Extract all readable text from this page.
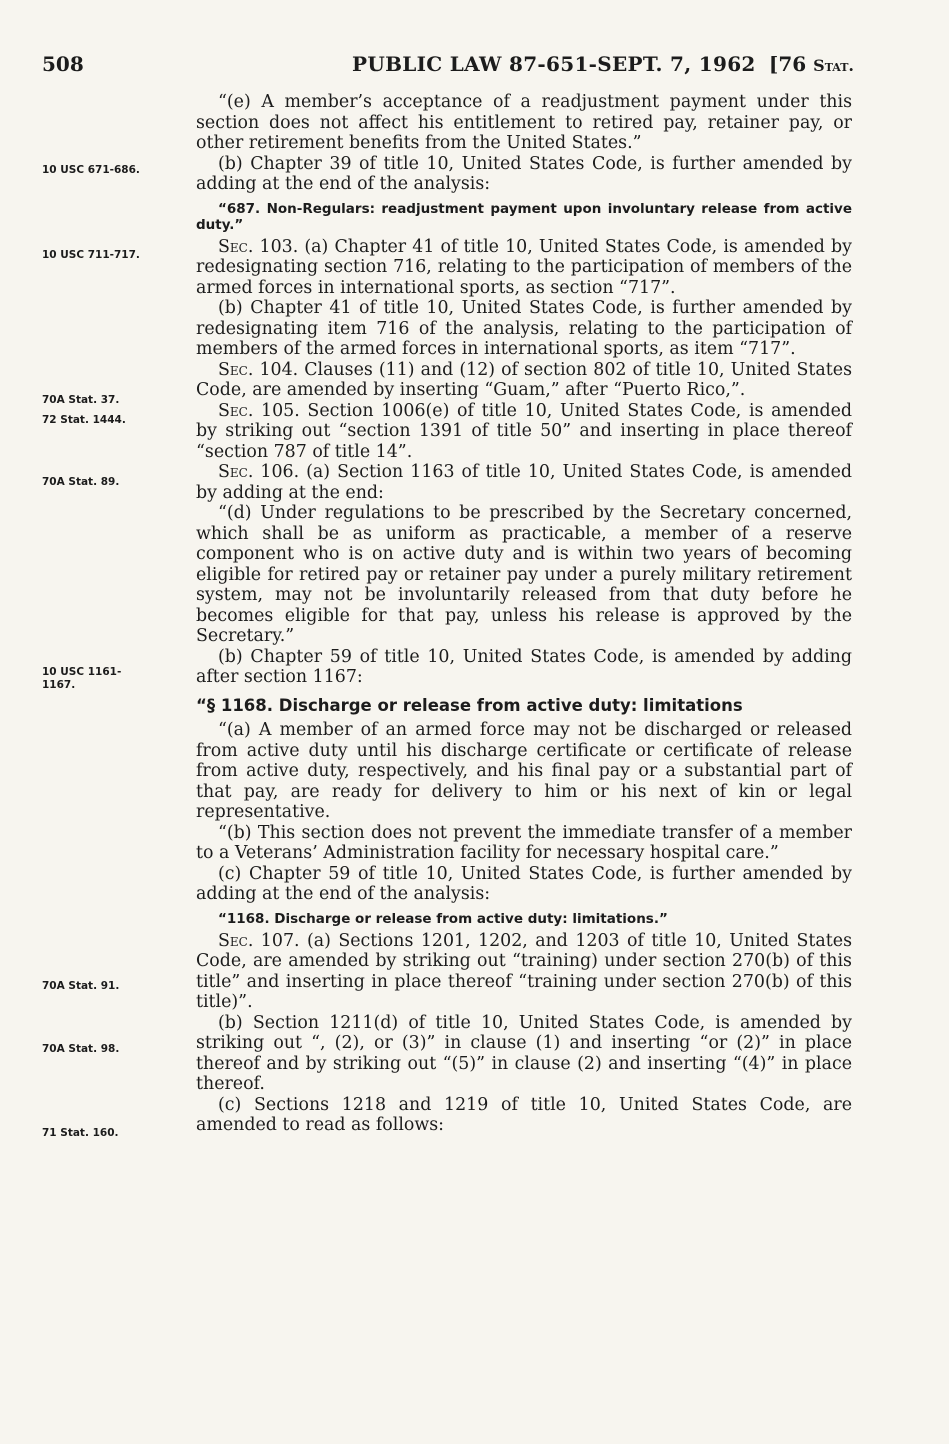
508	PUBLIC LAW 87-651-SEPT. 7, 1962 [76 Stat.
10 USC 671-686.
10 USC 711-717.
70A Stat. 37.
72 Stat. 1444.
70A Stat. 89.
10 USC 1161-
1167.
70A Stat. 91.
70A Stat. 98.
71 Stat. 160.

“(e) A member’s acceptance of a readjustment payment under this section does not affect his entitlement to retired pay, retainer pay, or other retirement benefits from the United States.”

(b) Chapter 39 of title 10, United States Code, is further amended by adding at the end of the analysis:

“687. Non-Regulars: readjustment payment upon involuntary release from active duty.”

Sec. 103. (a) Chapter 41 of title 10, United States Code, is amended by redesignating section 716, relating to the participation of members of the armed forces in international sports, as section “717”.

(b) Chapter 41 of title 10, United States Code, is further amended by redesignating item 716 of the analysis, relating to the participation of members of the armed forces in international sports, as item “717”.

Sec. 104. Clauses (11) and (12) of section 802 of title 10, United States Code, are amended by inserting “Guam,” after “Puerto Rico,”.

Sec. 105. Section 1006(e) of title 10, United States Code, is amended by striking out “section 1391 of title 50” and inserting in place thereof “section 787 of title 14”.

Sec. 106. (a) Section 1163 of title 10, United States Code, is amended by adding at the end:

“(d) Under regulations to be prescribed by the Secretary concerned, which shall be as uniform as practicable, a member of a reserve component who is on active duty and is within two years of becoming eligible for retired pay or retainer pay under a purely military retirement system, may not be involuntarily released from that duty before he becomes eligible for that pay, unless his release is approved by the Secretary.”

(b) Chapter 59 of title 10, United States Code, is amended by adding after section 1167:

“§ 1168. Discharge or release from active duty: limitations

“(a) A member of an armed force may not be discharged or released from active duty until his discharge certificate or certificate of release from active duty, respectively, and his final pay or a substantial part of that pay, are ready for delivery to him or his next of kin or legal representative.

“(b) This section does not prevent the immediate transfer of a member to a Veterans’ Administration facility for necessary hospital care.”

(c) Chapter 59 of title 10, United States Code, is further amended by adding at the end of the analysis:

“1168. Discharge or release from active duty: limitations.”

Sec. 107. (a) Sections 1201, 1202, and 1203 of title 10, United States Code, are amended by striking out “training) under section 270(b) of this title” and inserting in place thereof “training under section 270(b) of this title)”.

(b) Section 1211(d) of title 10, United States Code, is amended by striking out “, (2), or (3)” in clause (1) and inserting “or (2)” in place thereof and by striking out “(5)” in clause (2) and inserting “(4)” in place thereof.

(c) Sections 1218 and 1219 of title 10, United States Code, are amended to read as follows:
